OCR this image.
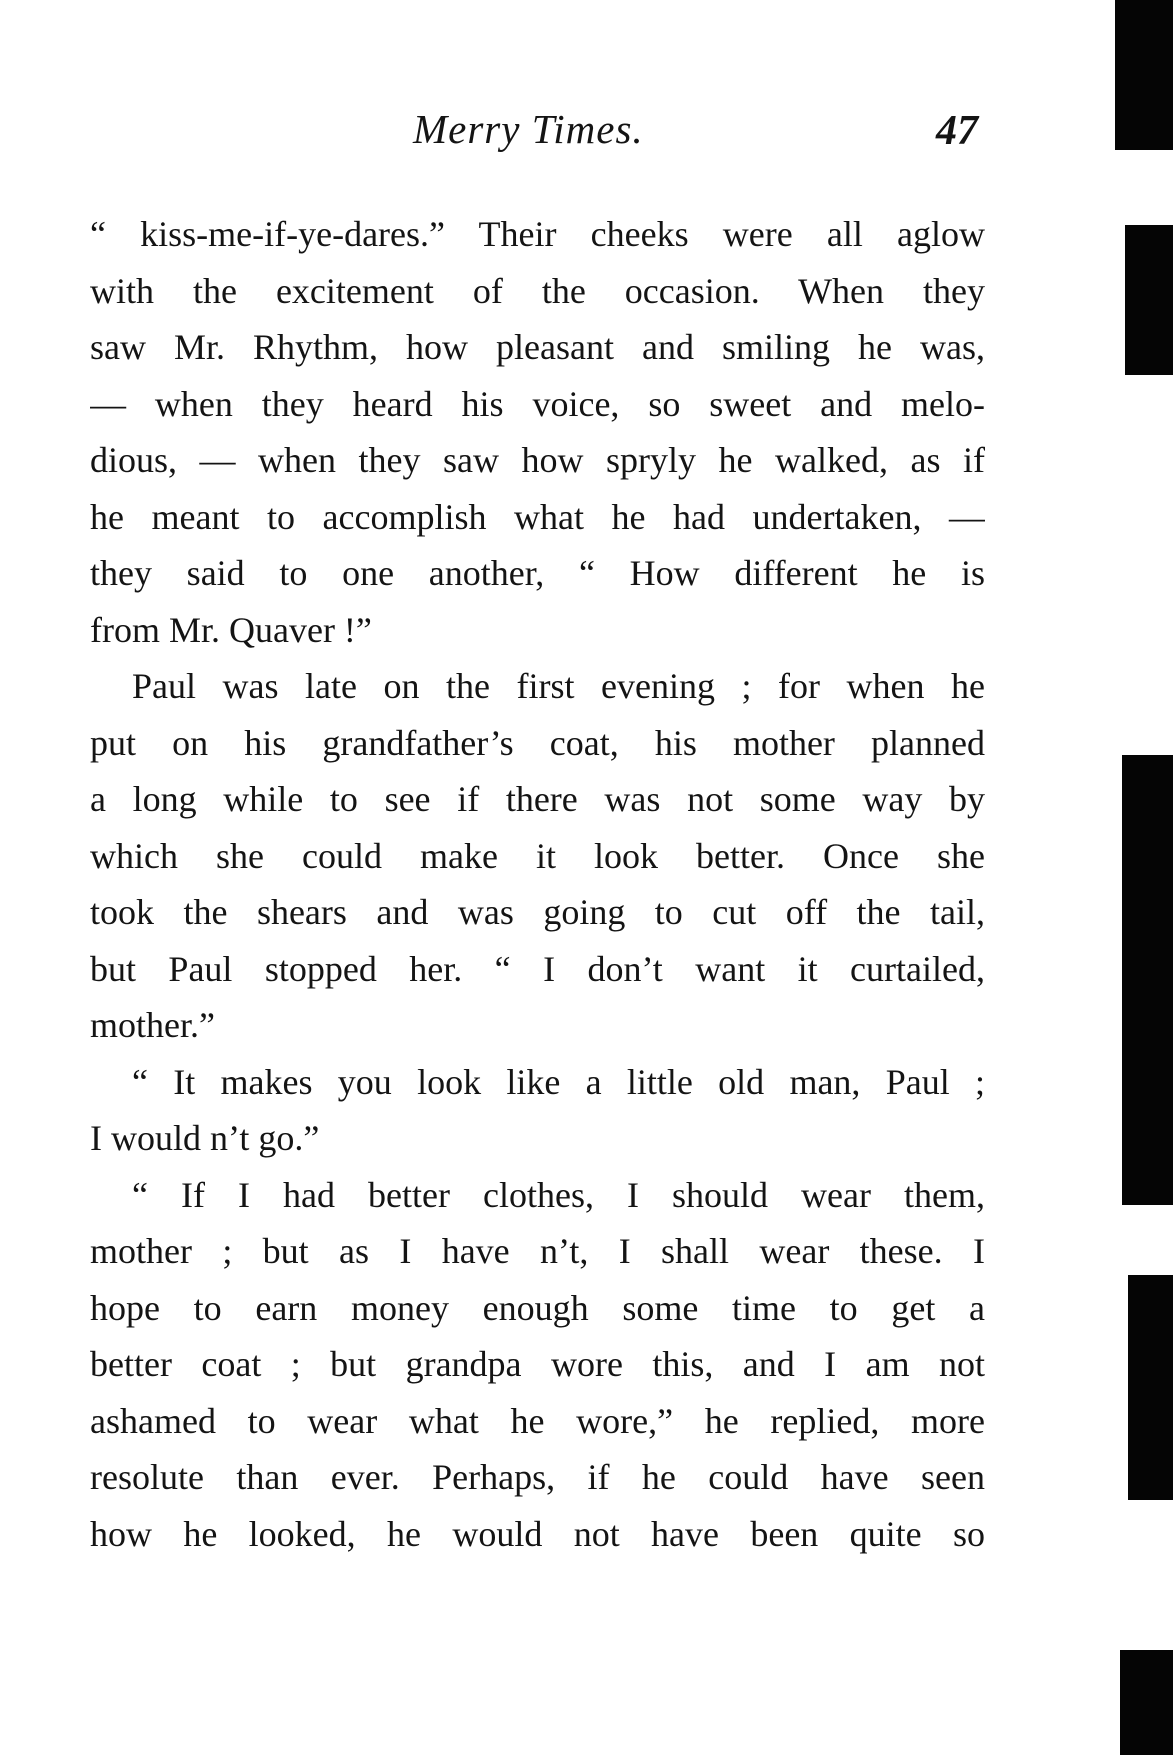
Merry Times.	47
“ kiss-me-if-ye-dares.” Their cheeks were all aglow
with the excitement of the occasion. When they
saw Mr. Rhythm, how pleasant and smiling he was,
— when they heard his voice, so sweet and melo-
dious, — when they saw how spryly he walked, as if
he meant to accomplish what he had undertaken, —
they said to one another, “ How different he is
from Mr. Quaver !”
Paul was late on the first evening ; for when he
put on his grandfather’s coat, his mother planned
a long while to see if there was not some way by
which she could make it look better. Once she
took the shears and was going to cut off the tail,
but Paul stopped her. “ I don’t want it curtailed,
mother.”
“ It makes you look like a little old man, Paul ;
I would n’t go.”
“ If I had better clothes, I should wear them,
mother ; but as I have n’t, I shall wear these. I
hope to earn money enough some time to get a
better coat ; but grandpa wore this, and I am not
ashamed to wear what he wore,” he replied, more
resolute than ever. Perhaps, if he could have seen
how he looked, he would not have been quite so
